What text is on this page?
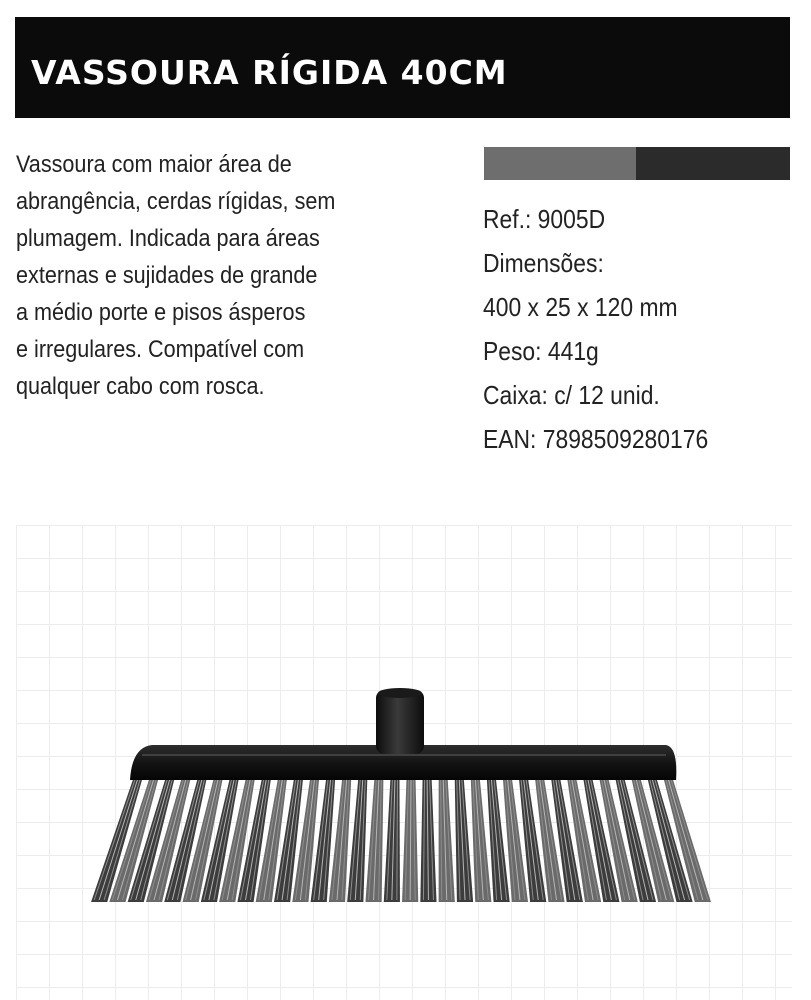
VASSOURA RÍGIDA 40CM
Vassoura com maior área de
abrangência, cerdas rígidas, sem
plumagem. Indicada para áreas
externas e sujidades de grande
a médio porte e pisos ásperos
e irregulares. Compatível com
qualquer cabo com rosca.
Ref.: 9005D
Dimensões:
400 x 25 x 120 mm
Peso: 441g
Caixa: c/ 12 unid.
EAN: 7898509280176
